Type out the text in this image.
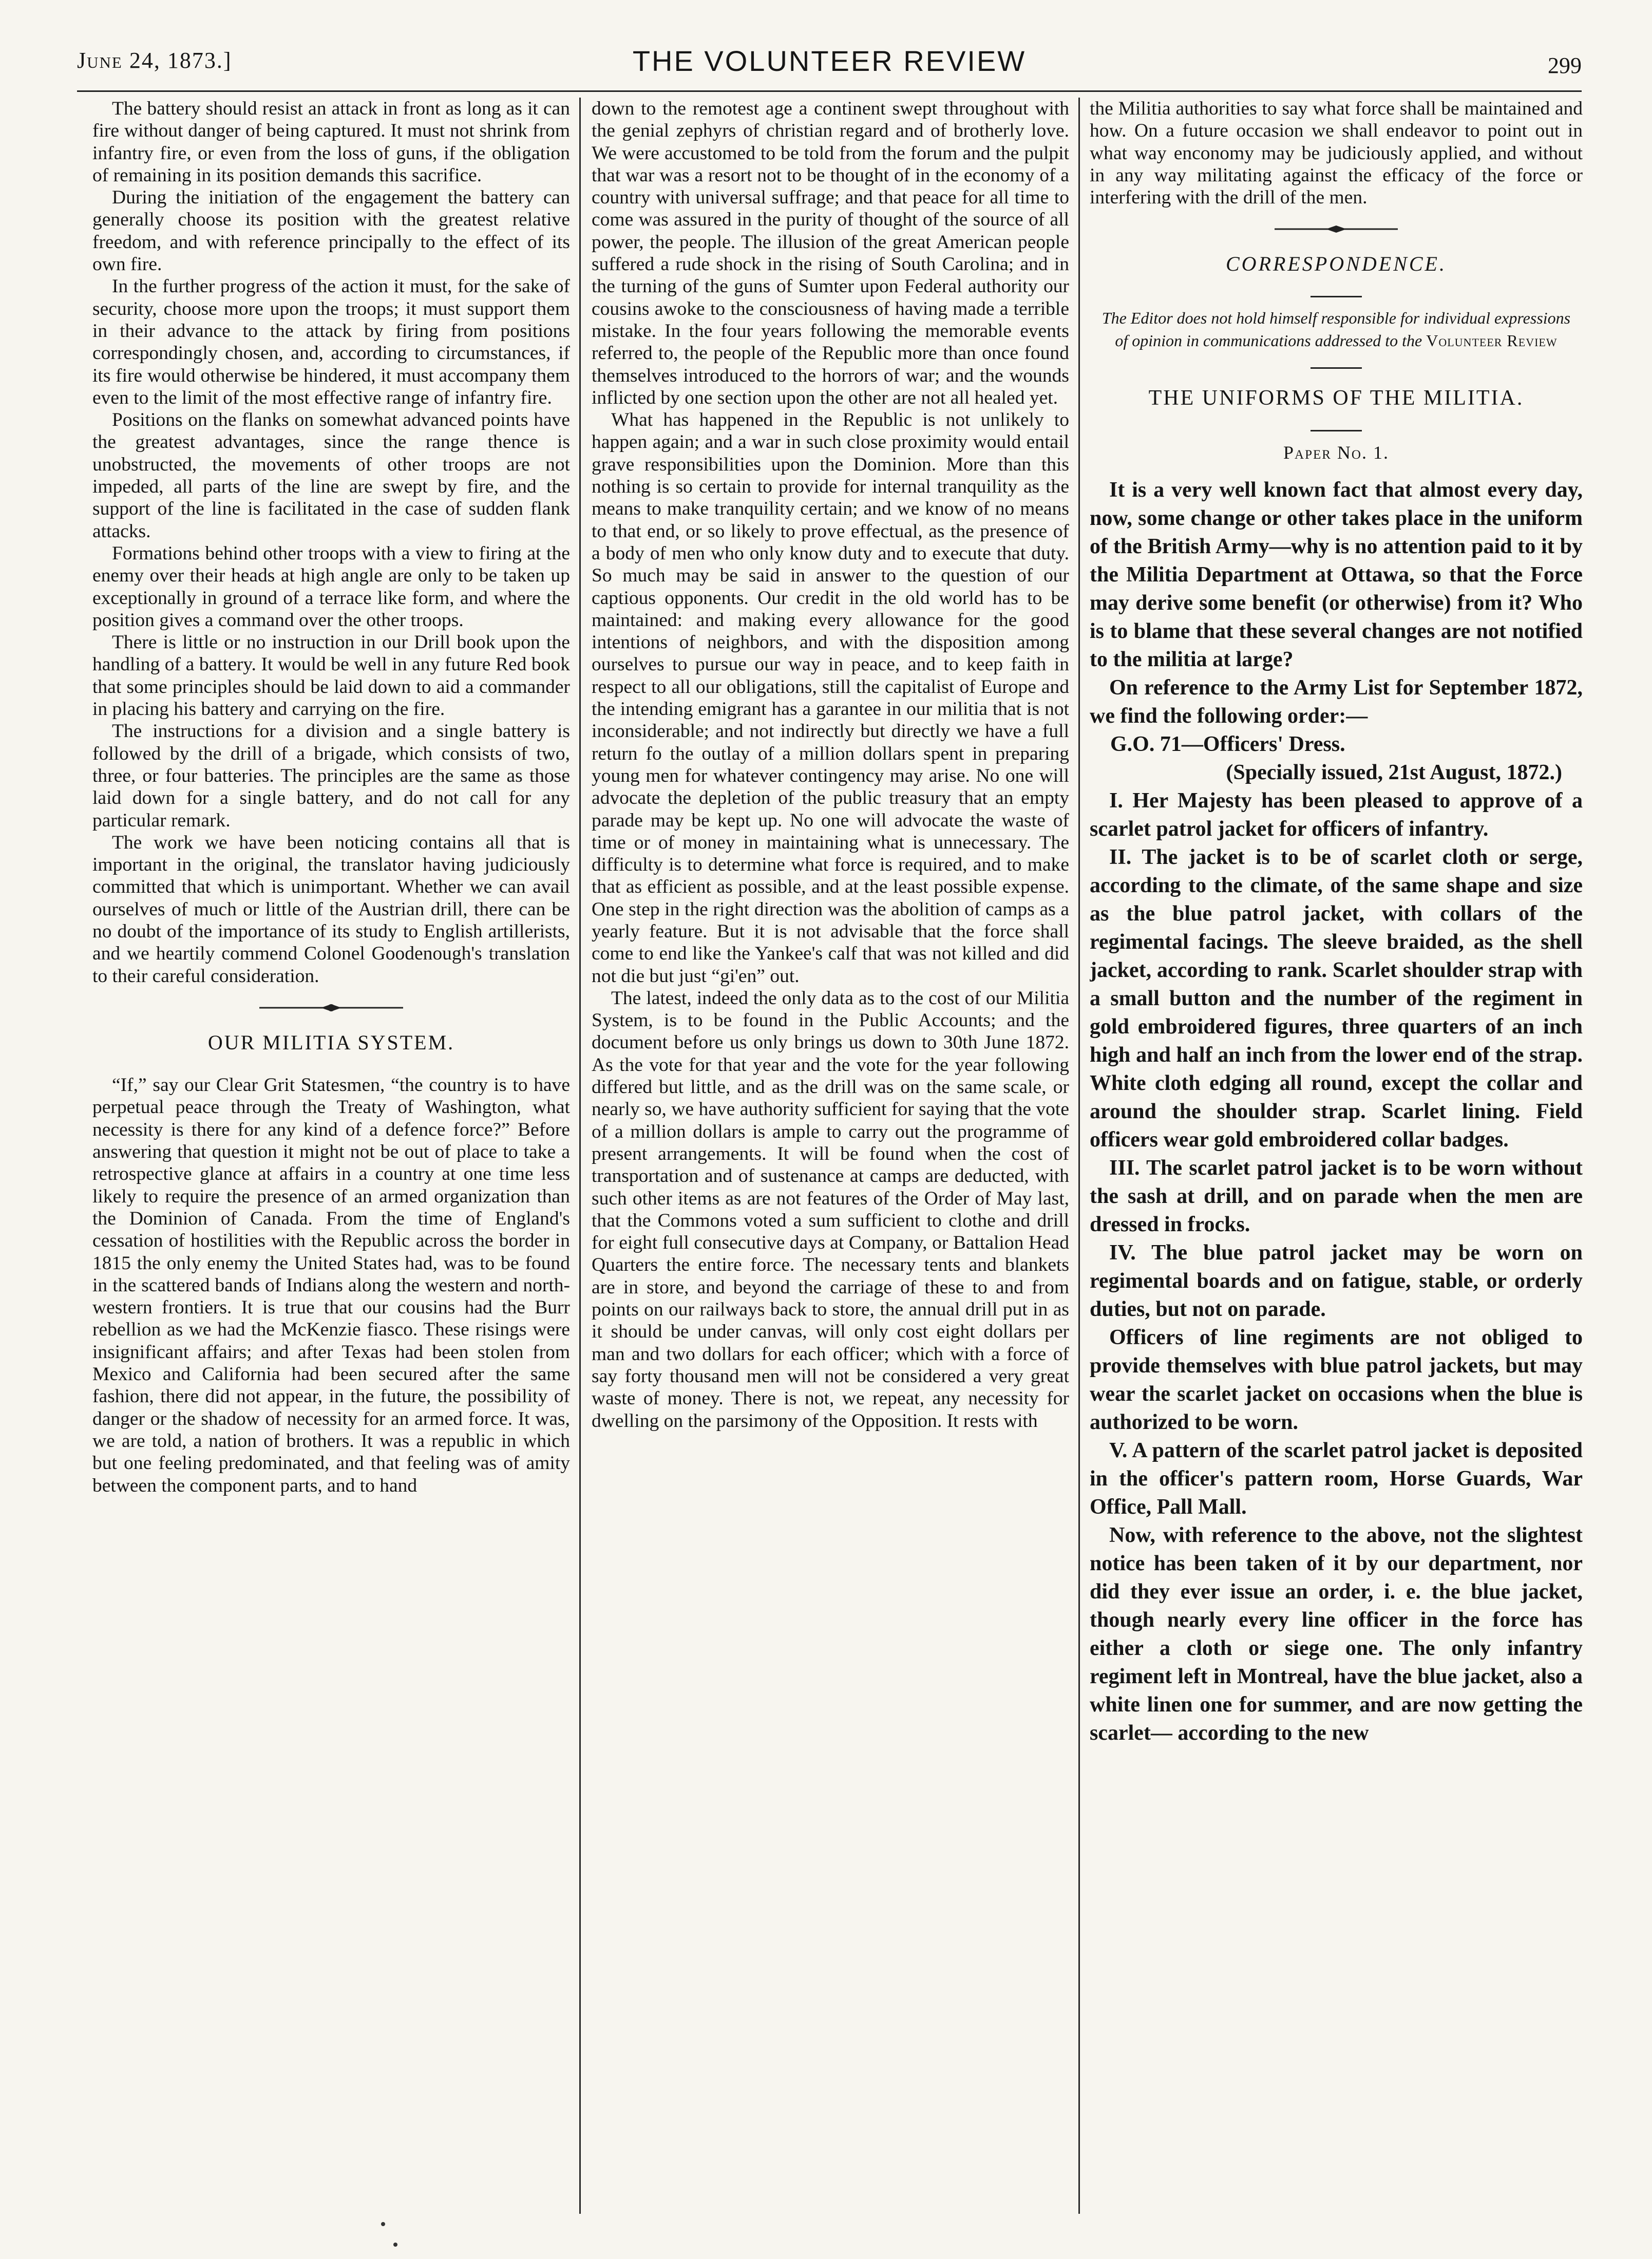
June 24, 1873.]	THE VOLUNTEER REVIEW	299

The battery should resist an attack in front as long as it can fire without danger of being captured. It must not shrink from infantry fire, or even from the loss of guns, if the obligation of remaining in its position demands this sacrifice.

During the initiation of the engagement the battery can generally choose its position with the greatest relative freedom, and with reference principally to the effect of its own fire.

In the further progress of the action it must, for the sake of security, choose more upon the troops; it must support them in their advance to the attack by firing from positions correspondingly chosen, and, according to circumstances, if its fire would otherwise be hindered, it must accompany them even to the limit of the most effective range of infantry fire.

Positions on the flanks on somewhat advanced points have the greatest advantages, since the range thence is unobstructed, the movements of other troops are not impeded, all parts of the line are swept by fire, and the support of the line is facilitated in the case of sudden flank attacks.

Formations behind other troops with a view to firing at the enemy over their heads at high angle are only to be taken up exceptionally in ground of a terrace like form, and where the position gives a command over the other troops.

There is little or no instruction in our Drill book upon the handling of a battery. It would be well in any future Red book that some principles should be laid down to aid a commander in placing his battery and carrying on the fire.

The instructions for a division and a single battery is followed by the drill of a brigade, which consists of two, three, or four batteries. The principles are the same as those laid down for a single battery, and do not call for any particular remark.

The work we have been noticing contains all that is important in the original, the translator having judiciously committed that which is unimportant. Whether we can avail ourselves of much or little of the Austrian drill, there can be no doubt of the importance of its study to English artillerists, and we heartily commend Colonel Goodenough's translation to their careful consideration.

OUR MILITIA SYSTEM.

“If,” say our Clear Grit Statesmen, “the country is to have perpetual peace through the Treaty of Washington, what necessity is there for any kind of a defence force?” Before answering that question it might not be out of place to take a retrospective glance at affairs in a country at one time less likely to require the presence of an armed organization than the Dominion of Canada. From the time of England's cessation of hostilities with the Republic across the border in 1815 the only enemy the United States had, was to be found in the scattered bands of Indians along the western and north-western frontiers. It is true that our cousins had the Burr rebellion as we had the McKenzie fiasco. These risings were insignificant affairs; and after Texas had been stolen from Mexico and California had been secured after the same fashion, there did not appear, in the future, the possibility of danger or the shadow of necessity for an armed force. It was, we are told, a nation of brothers. It was a republic in which but one feeling predominated, and that feeling was of amity between the component parts, and to hand

down to the remotest age a continent swept throughout with the genial zephyrs of christian regard and of brotherly love. We were accustomed to be told from the forum and the pulpit that war was a resort not to be thought of in the economy of a country with universal suffrage; and that peace for all time to come was assured in the purity of thought of the source of all power, the people. The illusion of the great American people suffered a rude shock in the rising of South Carolina; and in the turning of the guns of Sumter upon Federal authority our cousins awoke to the consciousness of having made a terrible mistake. In the four years following the memorable events referred to, the people of the Republic more than once found themselves introduced to the horrors of war; and the wounds inflicted by one section upon the other are not all healed yet.

What has happened in the Republic is not unlikely to happen again; and a war in such close proximity would entail grave responsibilities upon the Dominion. More than this nothing is so certain to provide for internal tranquility as the means to make tranquility certain; and we know of no means to that end, or so likely to prove effectual, as the presence of a body of men who only know duty and to execute that duty. So much may be said in answer to the question of our captious opponents. Our credit in the old world has to be maintained: and making every allowance for the good intentions of neighbors, and with the disposition among ourselves to pursue our way in peace, and to keep faith in respect to all our obligations, still the capitalist of Europe and the intending emigrant has a garantee in our militia that is not inconsiderable; and not indirectly but directly we have a full return fo the outlay of a million dollars spent in preparing young men for whatever contingency may arise. No one will advocate the depletion of the public treasury that an empty parade may be kept up. No one will advocate the waste of time or of money in maintaining what is unnecessary. The difficulty is to determine what force is required, and to make that as efficient as possible, and at the least possible expense. One step in the right direction was the abolition of camps as a yearly feature. But it is not advisable that the force shall come to end like the Yankee's calf that was not killed and did not die but just “gi'en” out.

The latest, indeed the only data as to the cost of our Militia System, is to be found in the Public Accounts; and the document before us only brings us down to 30th June 1872. As the vote for that year and the vote for the year following differed but little, and as the drill was on the same scale, or nearly so, we have authority sufficient for saying that the vote of a million dollars is ample to carry out the programme of present arrangements. It will be found when the cost of transportation and of sustenance at camps are deducted, with such other items as are not features of the Order of May last, that the Commons voted a sum sufficient to clothe and drill for eight full consecutive days at Company, or Battalion Head Quarters the entire force. The necessary tents and blankets are in store, and beyond the carriage of these to and from points on our railways back to store, the annual drill put in as it should be under canvas, will only cost eight dollars per man and two dollars for each officer; which with a force of say forty thousand men will not be considered a very great waste of money. There is not, we repeat, any necessity for dwelling on the parsimony of the Opposition. It rests with

the Militia authorities to say what force shall be maintained and how. On a future occasion we shall endeavor to point out in what way enconomy may be judiciously applied, and without in any way militating against the efficacy of the force or interfering with the drill of the men.

CORRESPONDENCE.
The Editor does not hold himself responsible for individual expressions of opinion in communications addressed to the Volunteer Review
THE UNIFORMS OF THE MILITIA.
Paper No. 1.

It is a very well known fact that almost every day, now, some change or other takes place in the uniform of the British Army—why is no attention paid to it by the Militia Department at Ottawa, so that the Force may derive some benefit (or otherwise) from it? Who is to blame that these several changes are not notified to the militia at large?

On reference to the Army List for September 1872, we find the following order:—

G.O. 71—Officers' Dress.

(Specially issued, 21st August, 1872.)

I. Her Majesty has been pleased to approve of a scarlet patrol jacket for officers of infantry.

II. The jacket is to be of scarlet cloth or serge, according to the climate, of the same shape and size as the blue patrol jacket, with collars of the regimental facings. The sleeve braided, as the shell jacket, according to rank. Scarlet shoulder strap with a small button and the number of the regiment in gold embroidered figures, three quarters of an inch high and half an inch from the lower end of the strap. White cloth edging all round, except the collar and around the shoulder strap. Scarlet lining. Field officers wear gold embroidered collar badges.

III. The scarlet patrol jacket is to be worn without the sash at drill, and on parade when the men are dressed in frocks.

IV. The blue patrol jacket may be worn on regimental boards and on fatigue, stable, or orderly duties, but not on parade.

Officers of line regiments are not obliged to provide themselves with blue patrol jackets, but may wear the scarlet jacket on occasions when the blue is authorized to be worn.

V. A pattern of the scarlet patrol jacket is deposited in the officer's pattern room, Horse Guards, War Office, Pall Mall.

Now, with reference to the above, not the slightest notice has been taken of it by our department, nor did they ever issue an order, i. e. the blue jacket, though nearly every line officer in the force has either a cloth or siege one. The only infantry regiment left in Montreal, have the blue jacket, also a white linen one for summer, and are now getting the scarlet— according to the new
